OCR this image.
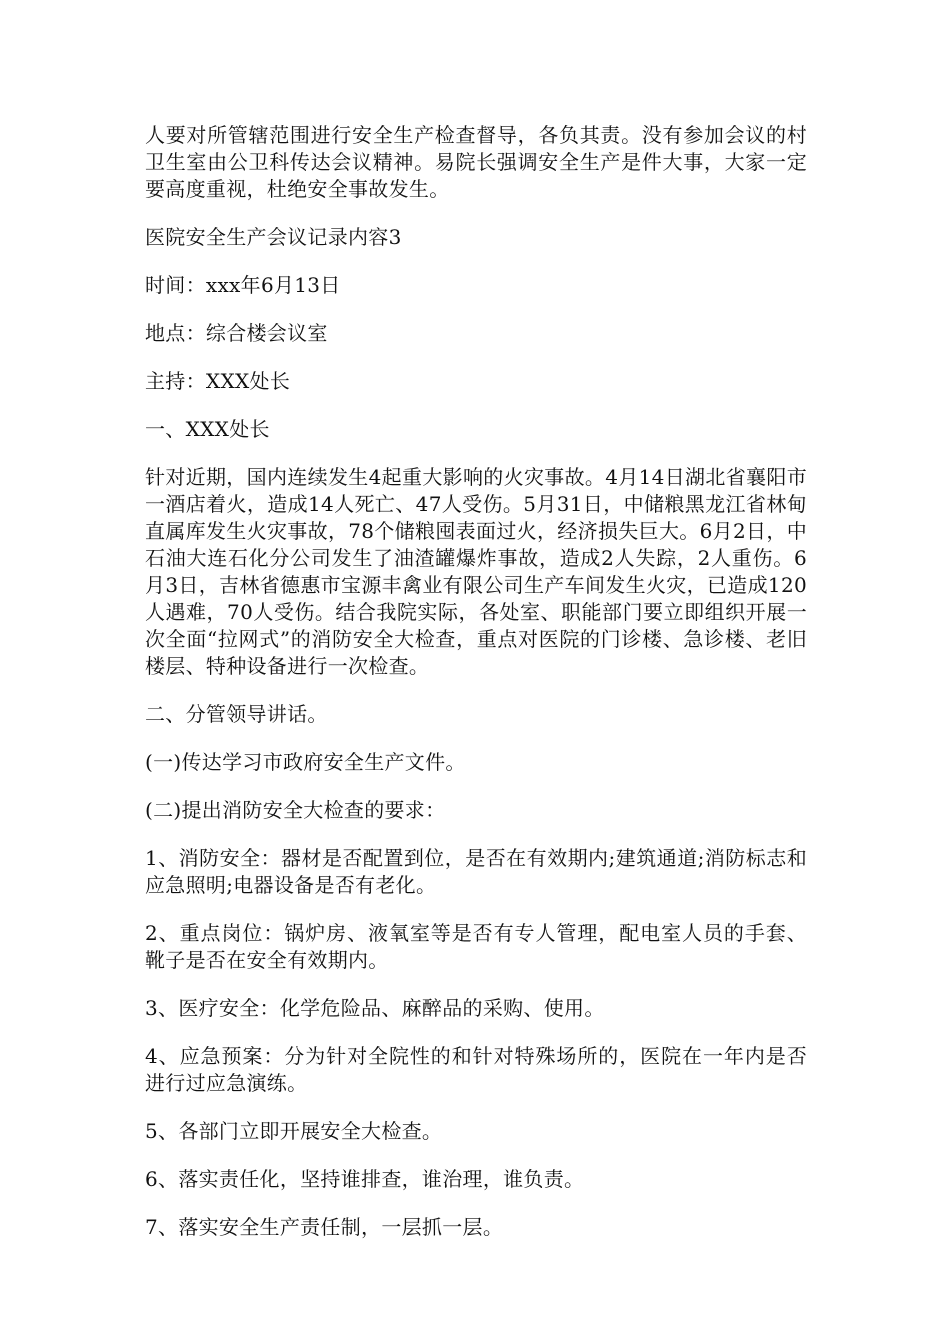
人要对所管辖范围进行安全生产检查督导，各负其责。没有参加会议的村卫生室由公卫科传达会议精神。易院长强调安全生产是件大事，大家一定要高度重视，杜绝安全事故发生。

医院安全生产会议记录内容3

时间：xxx年6月13日

地点：综合楼会议室

主持：XXX处长

一、XXX处长

针对近期，国内连续发生4起重大影响的火灾事故。4月14日湖北省襄阳市一酒店着火，造成14人死亡、47人受伤。5月31日，中储粮黑龙江省林甸直属库发生火灾事故，78个储粮囤表面过火，经济损失巨大。6月2日，中石油大连石化分公司发生了油渣罐爆炸事故，造成2人失踪，2人重伤。6月3日，吉林省德惠市宝源丰禽业有限公司生产车间发生火灾，已造成120人遇难，70人受伤。结合我院实际，各处室、职能部门要立即组织开展一次全面“拉网式”的消防安全大检查，重点对医院的门诊楼、急诊楼、老旧楼层、特种设备进行一次检查。

二、分管领导讲话。

(一)传达学习市政府安全生产文件。

(二)提出消防安全大检查的要求：

1、消防安全：器材是否配置到位，是否在有效期内;建筑通道;消防标志和应急照明;电器设备是否有老化。

2、重点岗位：锅炉房、液氧室等是否有专人管理，配电室人员的手套、靴子是否在安全有效期内。

3、医疗安全：化学危险品、麻醉品的采购、使用。

4、应急预案：分为针对全院性的和针对特殊场所的，医院在一年内是否进行过应急演练。

5、各部门立即开展安全大检查。

6、落实责任化，坚持谁排查，谁治理，谁负责。

7、落实安全生产责任制，一层抓一层。
